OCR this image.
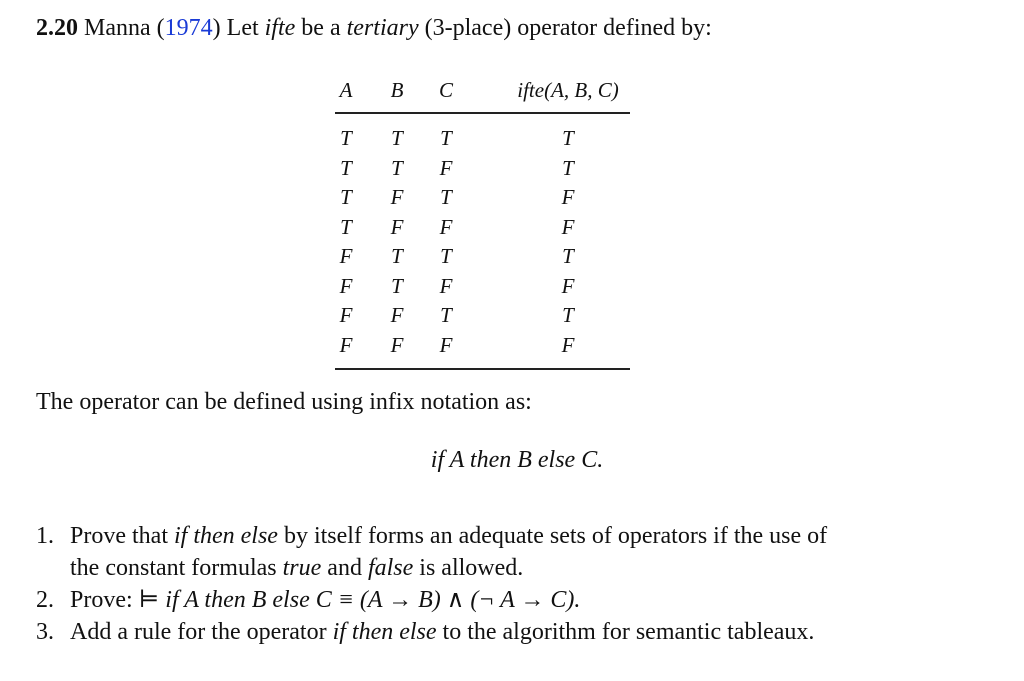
2.20 Manna (1974) Let ifte be a tertiary (3-place) operator defined by:
A	B	C	ifte(A, B, C)
T	T	T	T
T	T	F	T
T	F	T	F
T	F	F	F
F	T	T	T
F	T	F	F
F	F	T	T
F	F	F	F
The operator can be defined using infix notation as:
if A then B else C.
1. Prove that if then else by itself forms an adequate sets of operators if the use of
the constant formulas true and false is allowed.
2. Prove: ⊨ if A then B else C ≡ (A → B) ∧ (¬ A → C).
3. Add a rule for the operator if then else to the algorithm for semantic tableaux.
